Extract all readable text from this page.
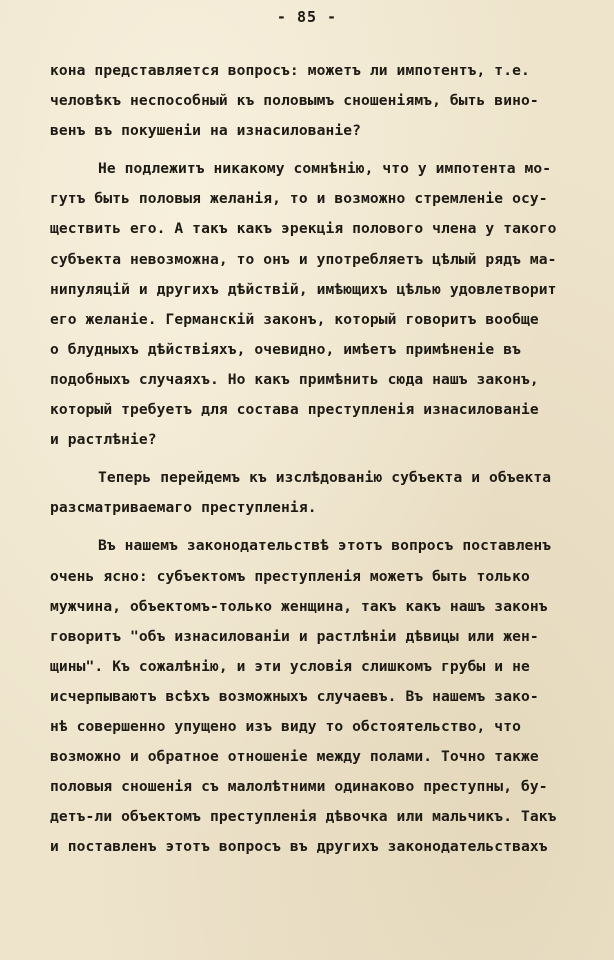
- 85 -
кона представляется вопросъ: можетъ ли импотентъ, т.е.
человѣкъ неспособный къ половымъ сношенiямъ, быть вино-
венъ въ покушенiи на изнасилованiе?
Не подлежитъ никакому сомнѣнiю, что у импотента мо-
гутъ быть половыя желанiя, то и возможно стремленiе осу-
ществить его. А такъ какъ эрекцiя полового члена у такого
субъекта невозможна, то онъ и употребляетъ цѣлый рядъ ма-
нипуляцiй и другихъ дѣйствiй, имѣющихъ цѣлью удовлетворит
его желанiе. Германскiй законъ, который говоритъ вообще
о блудныхъ дѣйствiяхъ, очевидно, имѣетъ примѣненiе въ
подобныхъ случаяхъ. Но какъ примѣнить сюда нашъ законъ,
который требуетъ для состава преступленiя изнасилованiе
и растлѣнiе?
Теперь перейдемъ къ изслѣдованiю субъекта и объекта
разсматриваемаго преступленiя.
Въ нашемъ законодательствѣ этотъ вопросъ поставленъ
очень ясно: субъектомъ преступленiя можетъ быть только
мужчина, объектомъ-только женщина, такъ какъ нашъ законъ
говоритъ "объ изнасилованiи и растлѣнiи дѣвицы или жен-
щины". Къ сожалѣнiю, и эти условiя слишкомъ грубы и не
исчерпываютъ всѣхъ возможныхъ случаевъ. Въ нашемъ зако-
нѣ совершенно упущено изъ виду то обстоятельство, что
возможно и обратное отношенiе между полами. Точно также
половыя сношенiя съ малолѣтними одинаково преступны, бу-
детъ-ли объектомъ преступленiя дѣвочка или мальчикъ. Такъ
и поставленъ этотъ вопросъ въ другихъ законодательствахъ
